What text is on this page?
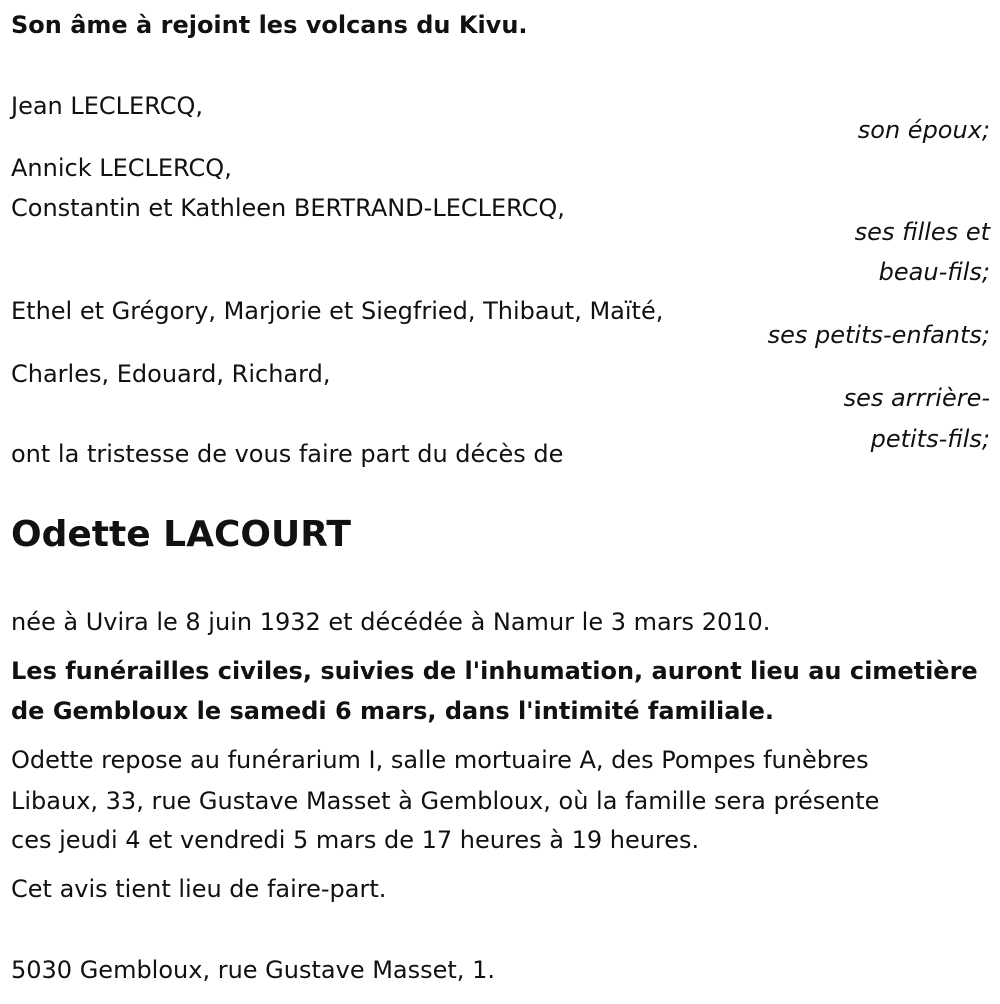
Son âme à rejoint les volcans du Kivu.

Jean LECLERCQ,

son époux;

Annick LECLERCQ,

Constantin et Kathleen BERTRAND-LECLERCQ,

ses filles et

beau-fils;

Ethel et Grégory, Marjorie et Siegfried, Thibaut, Maïté,

ses petits-enfants;

Charles, Edouard, Richard,

ses arrrière-

petits-fils;

ont la tristesse de vous faire part du décès de

Odette LACOURT

née à Uvira le 8 juin 1932 et décédée à Namur le 3 mars 2010.

Les funérailles civiles, suivies de l'inhumation, auront lieu au cimetière

de Gembloux le samedi 6 mars, dans l'intimité familiale.

Odette repose au funérarium I, salle mortuaire A, des Pompes funèbres

Libaux, 33, rue Gustave Masset à Gembloux, où la famille sera présente

ces jeudi 4 et vendredi 5 mars de 17 heures à 19 heures.

Cet avis tient lieu de faire-part.

5030 Gembloux, rue Gustave Masset, 1.
